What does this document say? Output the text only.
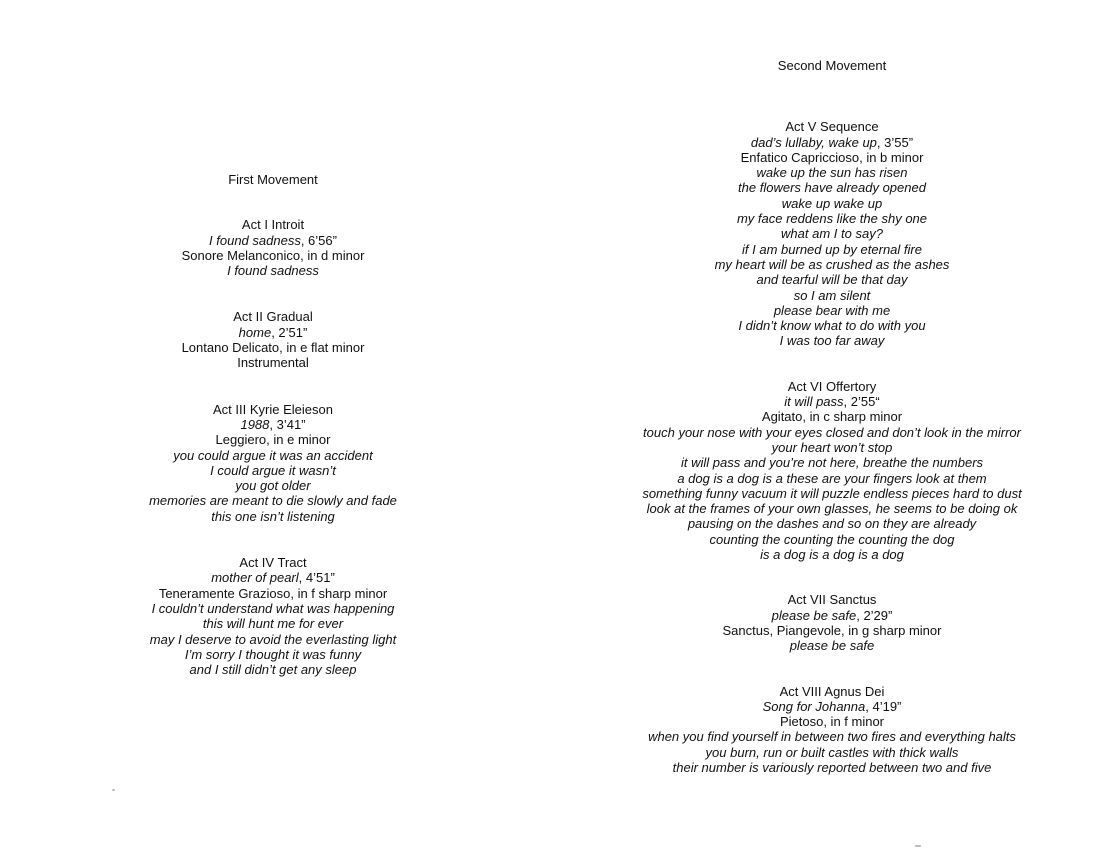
First Movement
Act I Introit
I found sadness, 6’56”
Sonore Melanconico, in d minor
I found sadness
Act II Gradual
home, 2’51”
Lontano Delicato, in e flat minor
Instrumental
Act III Kyrie Eleieson
1988, 3’41”
Leggiero, in e minor
you could argue it was an accident
I could argue it wasn’t
you got older
memories are meant to die slowly and fade
this one isn’t listening
Act IV Tract
mother of pearl, 4’51”
Teneramente Grazioso, in f sharp minor
I couldn’t understand what was happening
this will hunt me for ever
may I deserve to avoid the everlasting light
I’m sorry I thought it was funny
and I still didn’t get any sleep
Second Movement
Act V Sequence
dad’s lullaby, wake up, 3’55”
Enfatico Capriccioso, in b minor
wake up the sun has risen
the flowers have already opened
wake up wake up
my face reddens like the shy one
what am I to say?
if I am burned up by eternal fire
my heart will be as crushed as the ashes
and tearful will be that day
so I am silent
please bear with me
I didn’t know what to do with you
I was too far away
Act VI Offertory
it will pass, 2’55“
Agitato, in c sharp minor
touch your nose with your eyes closed and don’t look in the mirror
your heart won’t stop
it will pass and you’re not here, breathe the numbers
a dog is a dog is a these are your fingers look at them
something funny vacuum it will puzzle endless pieces hard to dust
look at the frames of your own glasses, he seems to be doing ok
pausing on the dashes and so on they are already
counting the counting the counting the dog
is a dog is a dog is a dog
Act VII Sanctus
please be safe, 2’29”
Sanctus, Piangevole, in g sharp minor
please be safe
Act VIII Agnus Dei
Song for Johanna, 4’19”
Pietoso, in f minor
when you find yourself in between two fires and everything halts
you burn, run or built castles with thick walls
their number is variously reported between two and five
